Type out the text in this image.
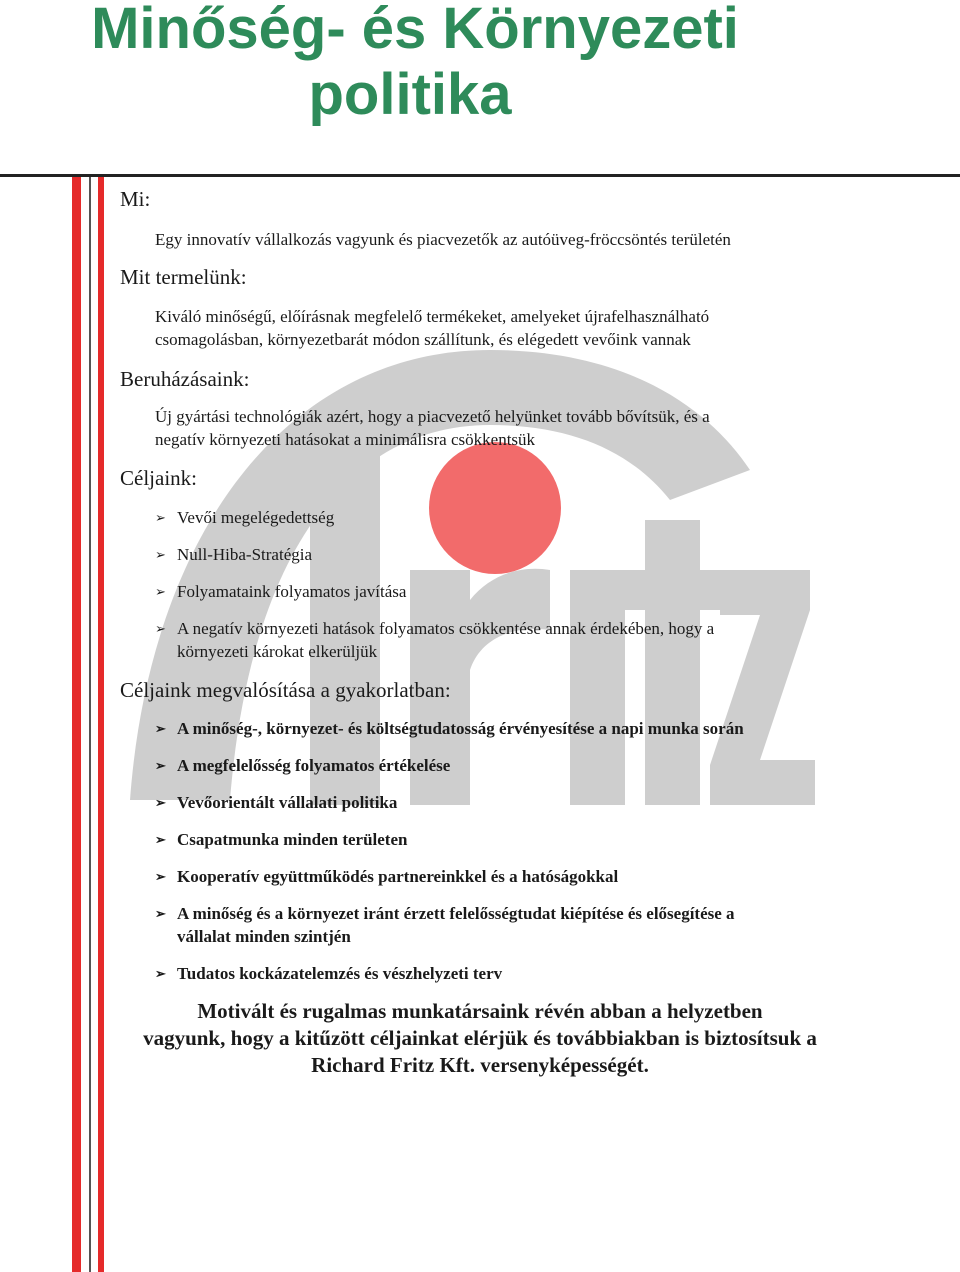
Minőség- és Környezeti
politika
Mi:
Egy innovatív vállalkozás vagyunk és piacvezetők az autóüveg-fröccsöntés területén
Mit termelünk:
Kiváló minőségű, előírásnak megfelelő termékeket, amelyeket újrafelhasználható
csomagolásban, környezetbarát módon szállítunk, és elégedett vevőink vannak
Beruházásaink:
Új gyártási technológiák azért, hogy a piacvezető helyünket tovább bővítsük, és a
negatív környezeti hatásokat a minimálisra csökkentsük
Céljaink:
➢ Vevői megelégedettség
➢ Null-Hiba-Stratégia
➢ Folyamataink folyamatos javítása
➢ A negatív környezeti hatások folyamatos csökkentése annak érdekében, hogy a
környezeti károkat elkerüljük
Céljaink megvalósítása a gyakorlatban:
➢ A minőség-, környezet- és költségtudatosság érvényesítése a napi munka során
➢ A megfelelősség folyamatos értékelése
➢ Vevőorientált vállalati politika
➢ Csapatmunka minden területen
➢ Kooperatív együttműködés partnereinkkel és a hatóságokkal
➢ A minőség és a környezet iránt érzett felelősségtudat kiépítése és elősegítése a
vállalat minden szintjén
➢ Tudatos kockázatelemzés és vészhelyzeti terv
Motivált és rugalmas munkatársaink révén abban a helyzetben
vagyunk, hogy a kitűzött céljainkat elérjük és továbbiakban is biztosítsuk a
Richard Fritz Kft. versenyképességét.
